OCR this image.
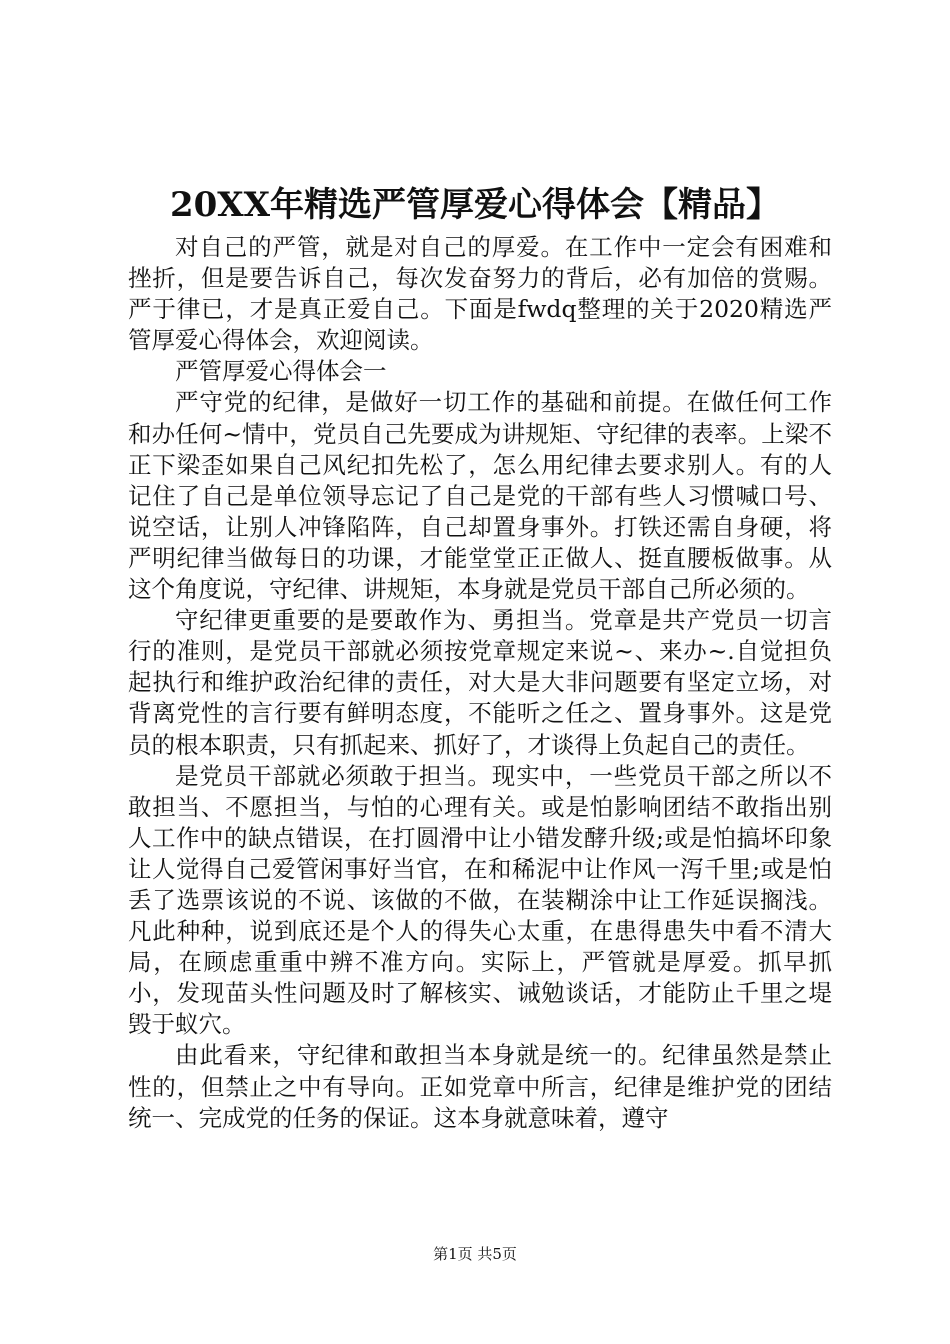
20XX年精选严管厚爱心得体会【精品】

对自己的严管，就是对自己的厚爱。在工作中一定会有困难和挫折，但是要告诉自己，每次发奋努力的背后，必有加倍的赏赐。严于律已，才是真正爱自己。下面是fwdq整理的关于2020精选严管厚爱心得体会，欢迎阅读。

严管厚爱心得体会一

严守党的纪律，是做好一切工作的基础和前提。在做任何工作和办任何~情中，党员自己先要成为讲规矩、守纪律的表率。上梁不正下梁歪如果自己风纪扣先松了，怎么用纪律去要求别人。有的人记住了自己是单位领导忘记了自己是党的干部有些人习惯喊口号、说空话，让别人冲锋陷阵，自己却置身事外。打铁还需自身硬，将严明纪律当做每日的功课，才能堂堂正正做人、挺直腰板做事。从这个角度说，守纪律、讲规矩，本身就是党员干部自己所必须的。

守纪律更重要的是要敢作为、勇担当。党章是共产党员一切言行的准则，是党员干部就必须按党章规定来说~、来办~.自觉担负起执行和维护政治纪律的责任，对大是大非问题要有坚定立场，对背离党性的言行要有鲜明态度，不能听之任之、置身事外。这是党员的根本职责，只有抓起来、抓好了，才谈得上负起自己的责任。

是党员干部就必须敢于担当。现实中，一些党员干部之所以不敢担当、不愿担当，与怕的心理有关。或是怕影响团结不敢指出别人工作中的缺点错误，在打圆滑中让小错发酵升级;或是怕搞坏印象让人觉得自己爱管闲事好当官，在和稀泥中让作风一泻千里;或是怕丢了选票该说的不说、该做的不做，在装糊涂中让工作延误搁浅。凡此种种，说到底还是个人的得失心太重，在患得患失中看不清大局，在顾虑重重中辨不准方向。实际上，严管就是厚爱。抓早抓小，发现苗头性问题及时了解核实、诫勉谈话，才能防止千里之堤毁于蚁穴。

由此看来，守纪律和敢担当本身就是统一的。纪律虽然是禁止性的，但禁止之中有导向。正如党章中所言，纪律是维护党的团结统一、完成党的任务的保证。这本身就意味着，遵守

第1页 共5页
